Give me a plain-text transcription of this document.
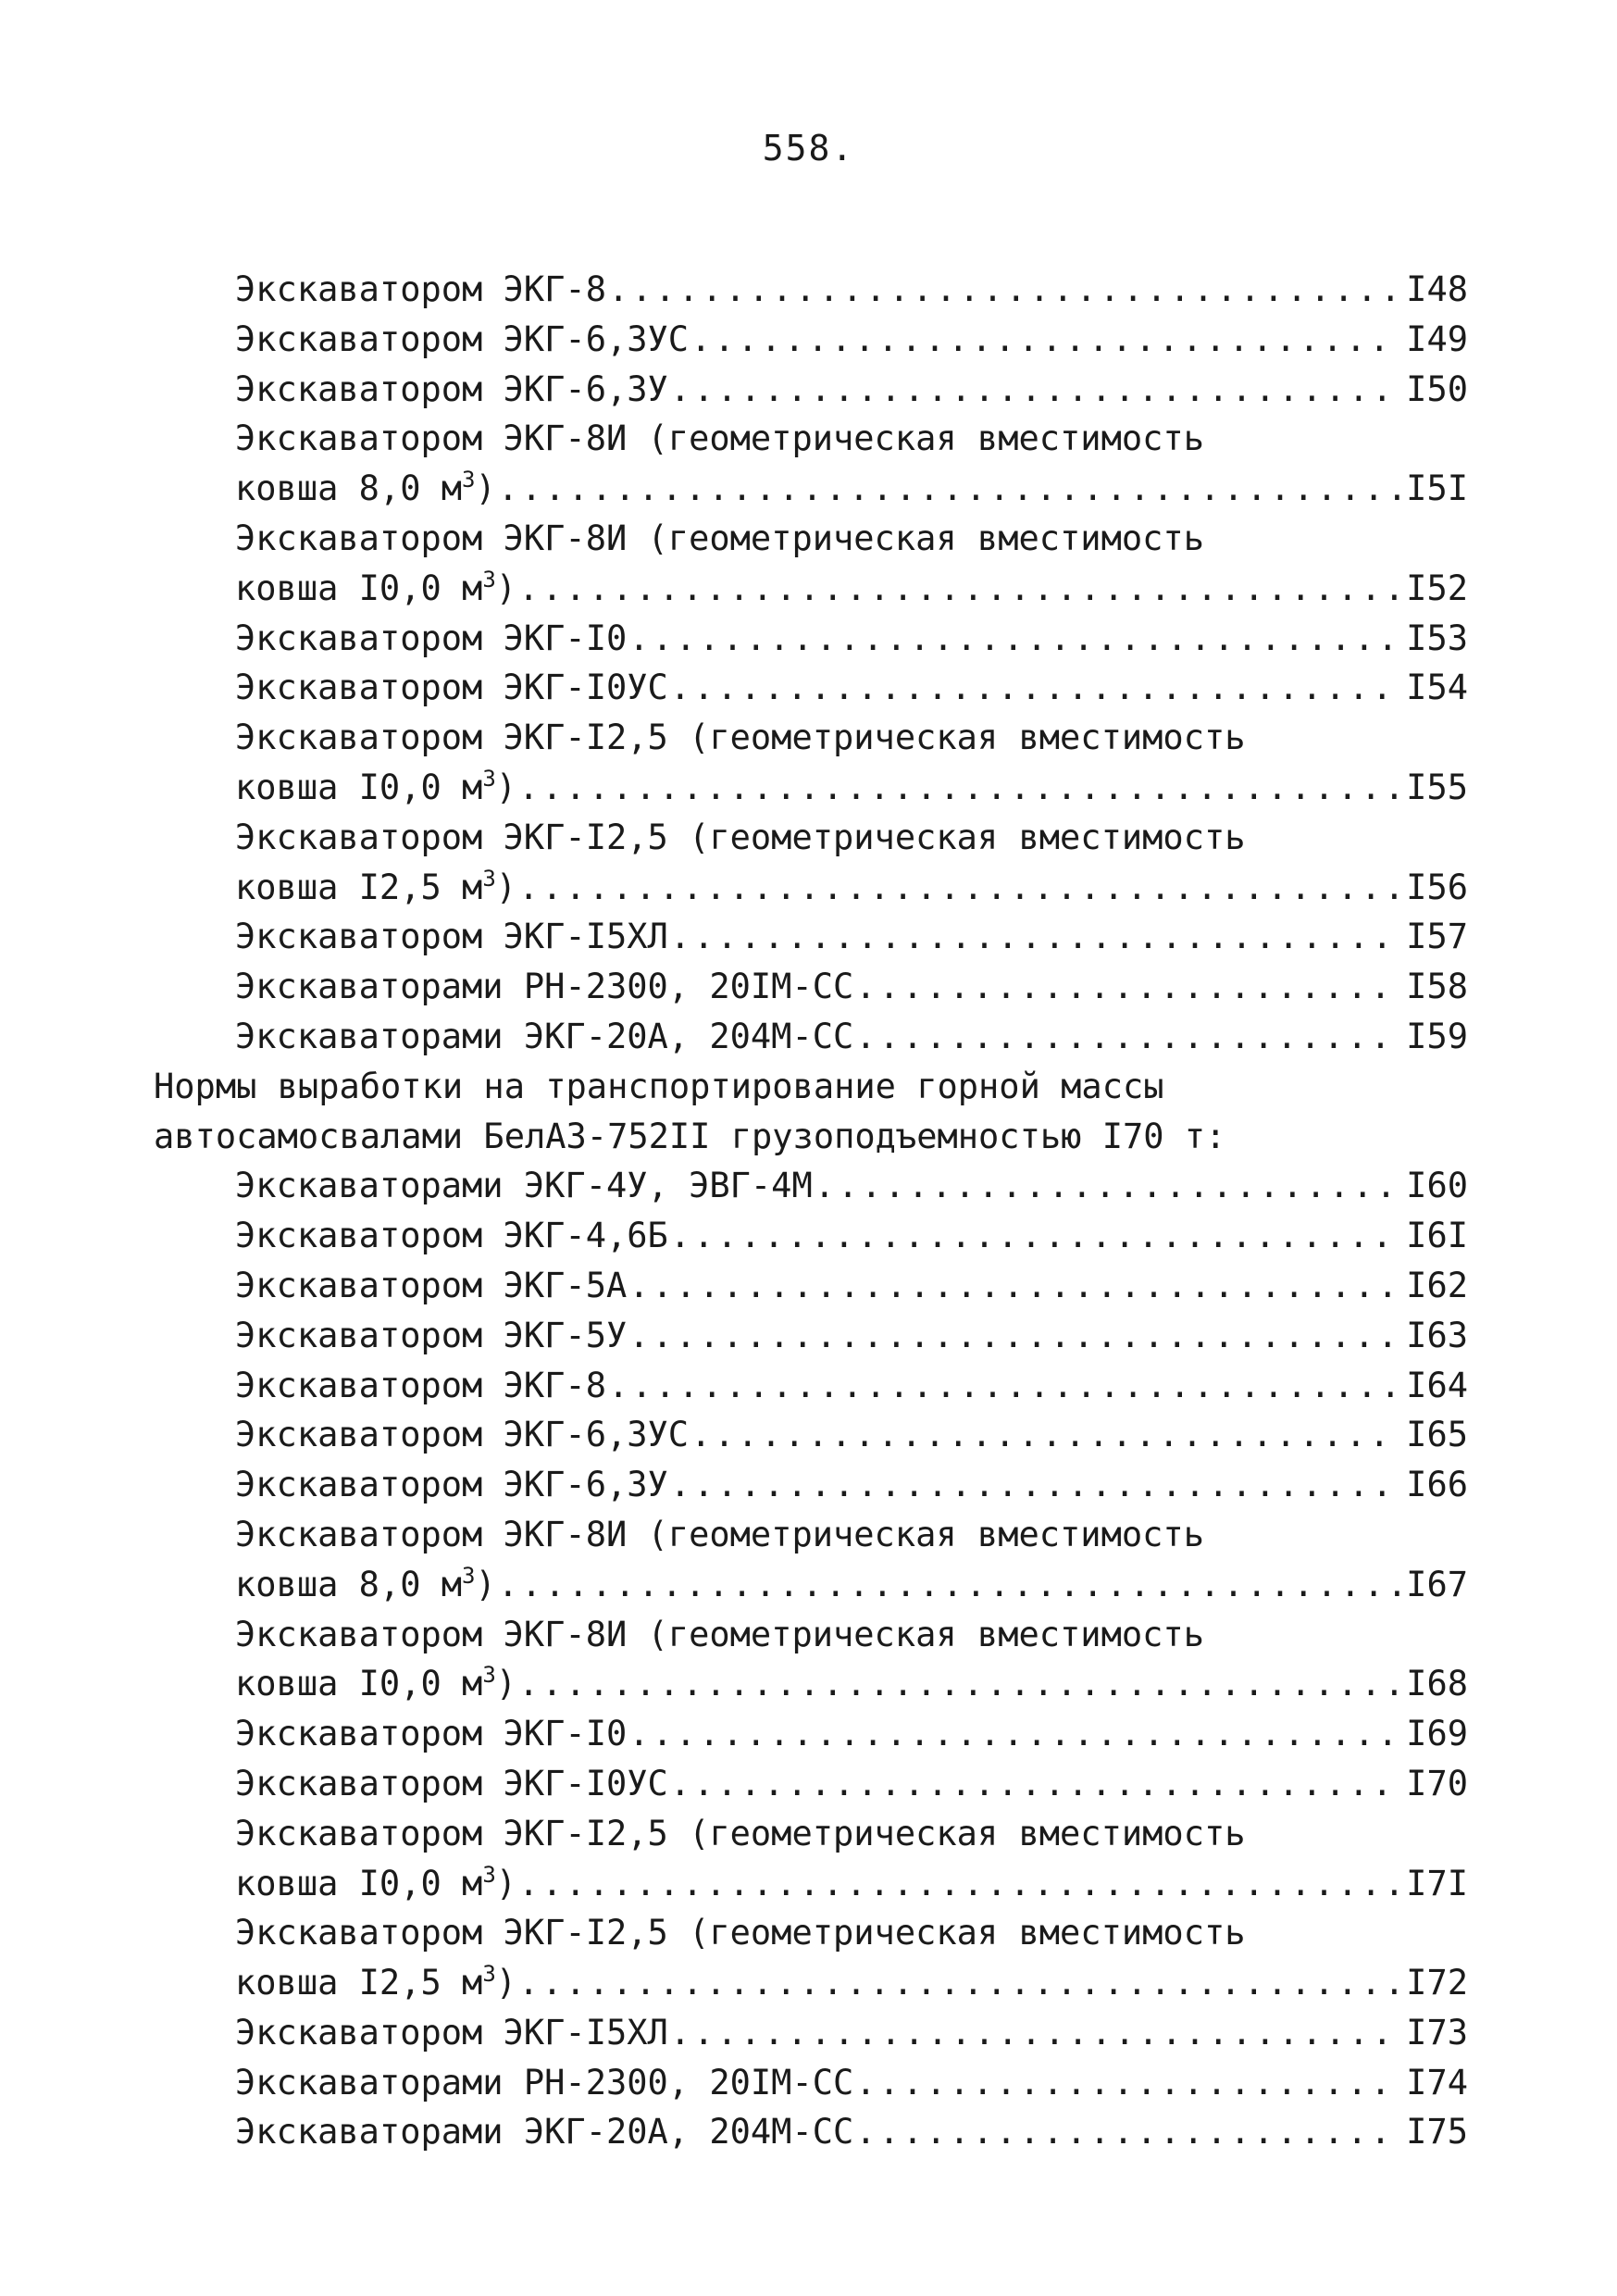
558.
Экскаватором ЭКГ-8 .....	I48
Экскаватором ЭКГ-6,3УС .....	I49
Экскаватором ЭКГ-6,3У .....	I50
Экскаватором ЭКГ-8И (геометрическая вместимость
ковша 8,0 $м^3$) .....	I5I
Экскаватором ЭКГ-8И (геометрическая вместимость
ковша I0,0 $м^3$) .....	I52
Экскаватором ЭКГ-I0 .....	I53
Экскаватором ЭКГ-I0УС .....	I54
Экскаватором ЭКГ-I2,5 (геометрическая вместимость
ковша I0,0 $м^3$) .....	I55
Экскаватором ЭКГ-I2,5 (геометрическая вместимость
ковша I2,5 $м^3$) .....	I56
Экскаватором ЭКГ-I5ХЛ .....	I57
Экскаваторами РН-2300, 20IМ-СС .....	I58
Экскаваторами ЭКГ-20А, 204М-СС .....	I59
Нормы выработки на транспортирование горной массы
автосамосвалами БелАЗ-752II грузоподъемностью I70 т:
Экскаваторами ЭКГ-4У, ЭВГ-4М .....	I60
Экскаватором ЭКГ-4,6Б .....	I6I
Экскаватором ЭКГ-5А .....	I62
Экскаватором ЭКГ-5У .....	I63
Экскаватором ЭКГ-8 .....	I64
Экскаватором ЭКГ-6,3УС .....	I65
Экскаватором ЭКГ-6,3У .....	I66
Экскаватором ЭКГ-8И (геометрическая вместимость
ковша 8,0 $м^3$) .....	I67
Экскаватором ЭКГ-8И (геометрическая вместимость
ковша I0,0 $м^3$) .....	I68
Экскаватором ЭКГ-I0 .....	I69
Экскаватором ЭКГ-I0УС .....	I70
Экскаватором ЭКГ-I2,5 (геометрическая вместимость
ковша I0,0 $м^3$) .....	I7I
Экскаватором ЭКГ-I2,5 (геометрическая вместимость
ковша I2,5 $м^3$) .....	I72
Экскаватором ЭКГ-I5ХЛ .....	I73
Экскаваторами РН-2300, 20IМ-СС .....	I74
Экскаваторами ЭКГ-20А, 204М-СС .....	I75
